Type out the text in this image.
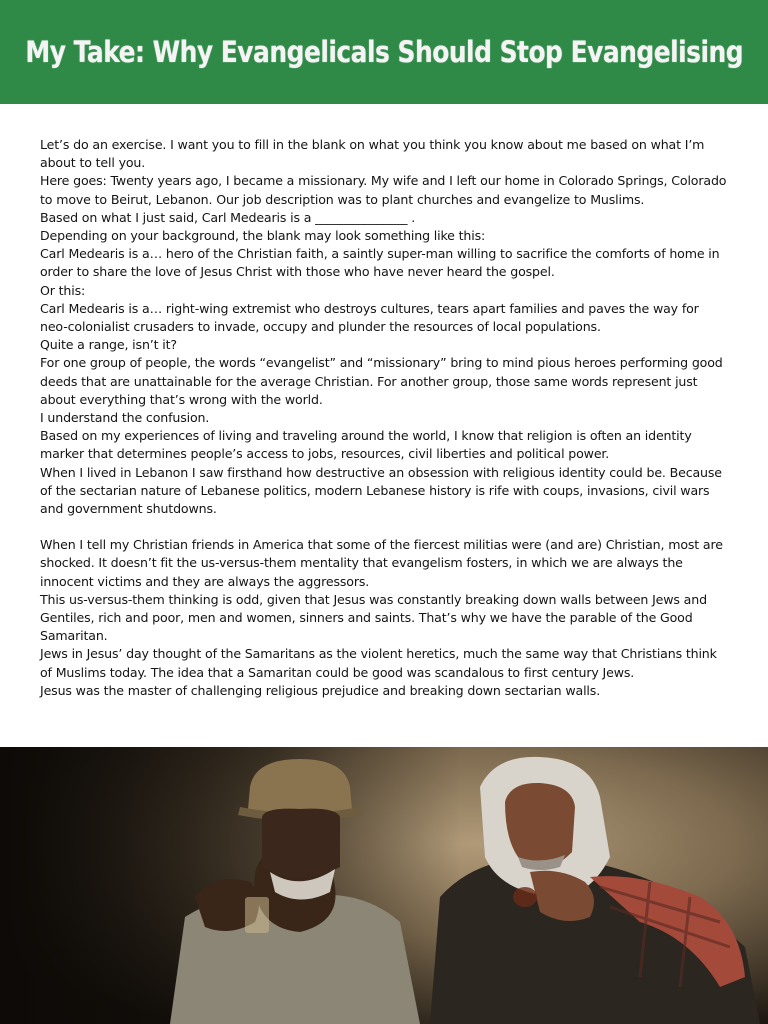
My Take: Why Evangelicals Should Stop Evangelising

Let’s do an exercise. I want you to fill in the blank on what you think you know about me based on what I’m about to tell you.

Here goes: Twenty years ago, I became a missionary. My wife and I left our home in Colorado Springs, Colorado to move to Beirut, Lebanon. Our job description was to plant churches and evangelize to Muslims.

Based on what I just said, Carl Medearis is a _______________ .

Depending on your background, the blank may look something like this:

Carl Medearis is a… hero of the Christian faith, a saintly super-man willing to sacrifice the comforts of home in order to share the love of Jesus Christ with those who have never heard the gospel.

Or this:

Carl Medearis is a… right-wing extremist who destroys cultures, tears apart families and paves the way for neo-colonialist crusaders to invade, occupy and plunder the resources of local populations.

Quite a range, isn’t it?

For one group of people, the words “evangelist” and “missionary” bring to mind pious heroes performing good deeds that are unattainable for the average Christian. For another group, those same words represent just about everything that’s wrong with the world.

I understand the confusion.

Based on my experiences of living and traveling around the world, I know that religion is often an identity marker that determines people’s access to jobs, resources, civil liberties and political power.

When I lived in Lebanon I saw firsthand how destructive an obsession with religious identity could be. Because of the sectarian nature of Lebanese politics, modern Lebanese history is rife with coups, invasions, civil wars and government shutdowns.

When I tell my Christian friends in America that some of the fiercest militias were (and are) Christian, most are shocked. It doesn’t fit the us-versus-them mentality that evangelism fosters, in which we are always the innocent victims and they are always the aggressors.

This us-versus-them thinking is odd, given that Jesus was constantly breaking down walls between Jews and Gentiles, rich and poor, men and women, sinners and saints. That’s why we have the parable of the Good Samaritan.

Jews in Jesus’ day thought of the Samaritans as the violent heretics, much the same way that Christians think of Muslims today. The idea that a Samaritan could be good was scandalous to first century Jews.

Jesus was the master of challenging religious prejudice and breaking down sectarian walls.
